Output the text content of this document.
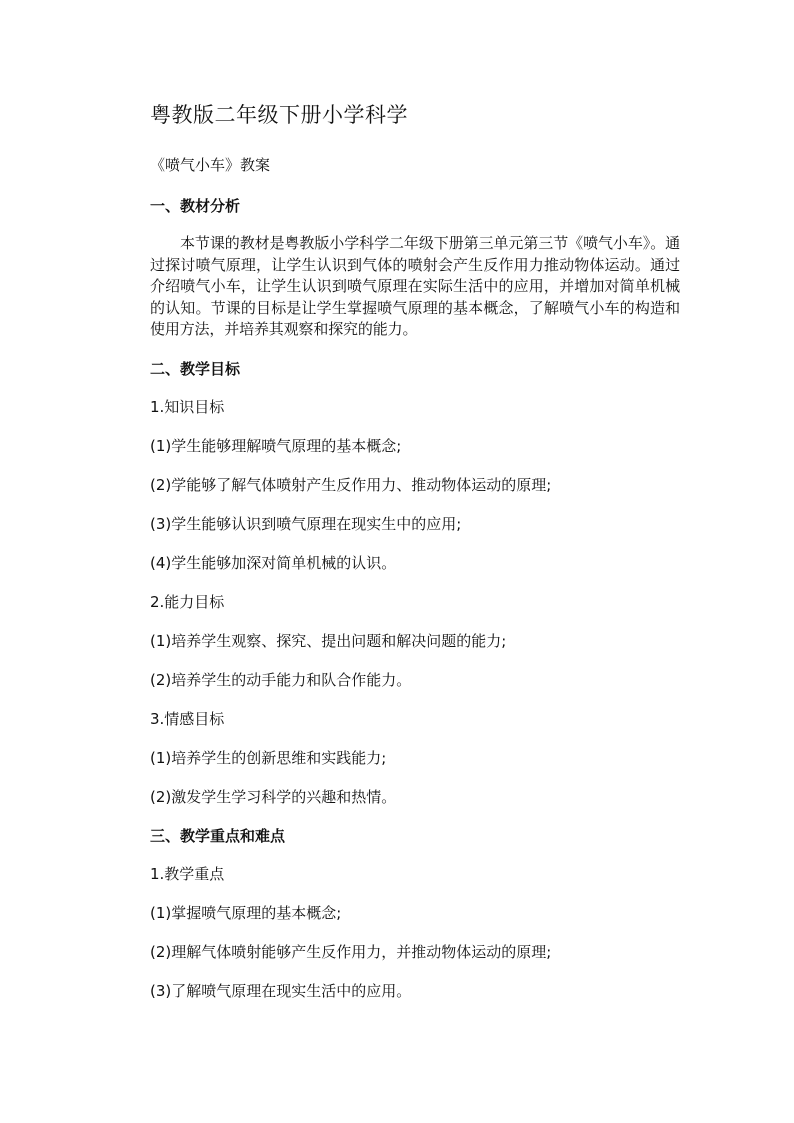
粤教版二年级下册小学科学
《喷气小车》教案
一、教材分析
本节课的教材是粤教版小学科学二年级下册第三单元第三节《喷气小车》。通过探讨喷气原理，让学生认识到气体的喷射会产生反作用力推动物体运动。通过介绍喷气小车，让学生认识到喷气原理在实际生活中的应用，并增加对简单机械的认知。节课的目标是让学生掌握喷气原理的基本概念，了解喷气小车的构造和使用方法，并培养其观察和探究的能力。
二、教学目标
1.知识目标
(1)学生能够理解喷气原理的基本概念;
(2)学能够了解气体喷射产生反作用力、推动物体运动的原理;
(3)学生能够认识到喷气原理在现实生中的应用;
(4)学生能够加深对简单机械的认识。
2.能力目标
(1)培养学生观察、探究、提出问题和解决问题的能力;
(2)培养学生的动手能力和队合作能力。
3.情感目标
(1)培养学生的创新思维和实践能力;
(2)激发学生学习科学的兴趣和热情。
三、教学重点和难点
1.教学重点
(1)掌握喷气原理的基本概念;
(2)理解气体喷射能够产生反作用力，并推动物体运动的原理;
(3)了解喷气原理在现实生活中的应用。
